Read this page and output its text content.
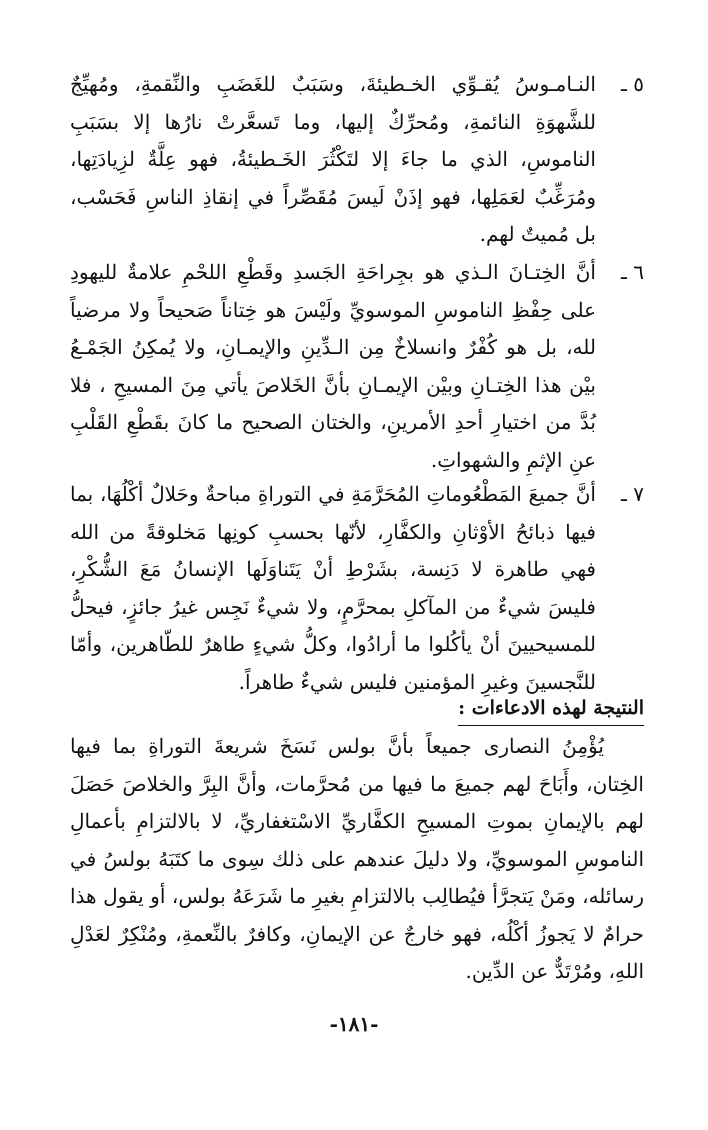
٥ ـ

النـامـوسُ يُقـوِّي الخـطيئةَ، وسَبَبٌ للغَضَبِ والنِّقمةِ، ومُهيِّجٌ للشَّهوَةِ النائمةِ، ومُحرِّكٌ إليها، وما تَسعَّرتْ نارُها إلا بسَبَبِ الناموسِ، الذي ما جاءَ إلا لتَكْثُرَ الخَـطيئةُ، فهو عِلَّةٌ لزِيادَتِها، ومُرَغِّبٌ لعَمَلِها، فهو إذَنْ لَيسَ مُقَصِّراً في إنقاذِ الناسِ فَحَسْب، بل مُميتٌ لهم.

٦ ـ

أنَّ الخِتـانَ الـذي هو بجِراحَةِ الجَسدِ وقَطْعِ اللحْمِ علامةٌ لليهودِ على حِفْظِ الناموسِ الموسويِّ ولَيْسَ هو خِتاناً صَحيحاً ولا مرضياً لله، بل هو كُفْرٌ وانسلاخٌ مِن الـدِّينِ والإيمـانِ، ولا يُمكِنُ الجَمْـعُ بيْن هذا الخِتـانِ وبيْن الإيمـانِ بأنَّ الخَلاصَ يأتي مِنَ المسيحِ ، فلا بُدَّ من اختيارِ أحدِ الأمرينِ، والختان الصحيح ما كانَ بقَطْعِ القَلْبِ عنِ الإثمِ والشهواتِ.

٧ ـ

أنَّ جميعَ المَطْعُوماتِ المُحَرَّمَةِ في التوراةِ مباحةٌ وحَلالٌ أكْلُهَا، بما فيها ذبائحُ الأوْثانِ والكفَّارِ، لأنّها بحسبِ كونِها مَخلوقةً من الله فهي طاهرة لا دَنِسة، بشَرْطِ أنْ يَتَناوَلَها الإنسانُ مَعَ الشُّكْرِ، فليسَ شيءٌ من المآكلِ بمحرَّمٍ، ولا شيءٌ نَجِس غيرُ جائزٍ، فيحلُّ للمسيحيينَ أنْ يأكُلوا ما أرادُوا، وكلُّ شيءٍ طاهرٌ للطّاهرين، وأمّا للنَّجسينَ وغيرِ المؤمنين فليس شيءٌ طاهراً.

النتيجة لهذه الادعاءات :

يُؤْمِنُ النصارى جميعاً بأنَّ بولس نَسَخَ شريعةَ التوراةِ بما فيها الخِتان، وأَبَاحَ لهم جميعَ ما فيها من مُحرَّمات، وأنَّ البِرَّ والخلاصَ حَصَلَ لهم بالإيمانِ بموتِ المسيحِ الكفَّاريِّ الاسْتغفاريِّ، لا بالالتزامِ بأعمالِ الناموسِ الموسويِّ، ولا دليلَ عندهم على ذلك سِوى ما كتَبَهُ بولسُ في رسائله، ومَنْ يَتجرَّأ فيُطالِب بالالتزامِ بغيرِ ما شَرَعَهُ بولس، أو يقول هذا حرامٌ لا يَجوزُ أكْلُه، فهو خارجٌ عن الإيمانِ، وكافرٌ بالنِّعمةِ، ومُنْكِرٌ لعَدْلِ اللهِ، ومُرْتَدٌّ عن الدِّين.

-١٨١-
